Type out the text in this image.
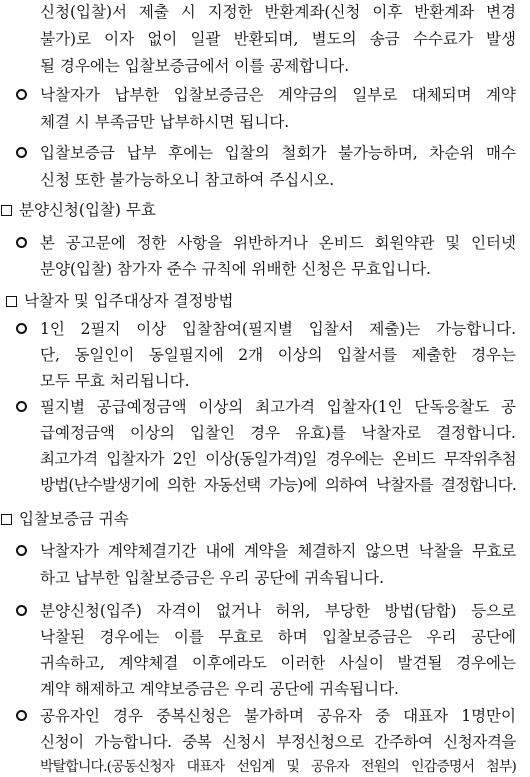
신청(입찰)서 제출 시 지정한 반환계좌(신청 이후 반환계좌 변경
불가)로 이자 없이 일괄 반환되며, 별도의 송금 수수료가 발생
될 경우에는 입찰보증금에서 이를 공제합니다.
낙찰자가 납부한 입찰보증금은 계약금의 일부로 대체되며 계약
체결 시 부족금만 납부하시면 됩니다.
입찰보증금 납부 후에는 입찰의 철회가 불가능하며, 차순위 매수
신청 또한 불가능하오니 참고하여 주십시오.
분양신청(입찰) 무효
본 공고문에 정한 사항을 위반하거나 온비드 회원약관 및 인터넷
분양(입찰) 참가자 준수 규칙에 위배한 신청은 무효입니다.
낙찰자 및 입주대상자 결정방법
1인 2필지 이상 입찰참여(필지별 입찰서 제출)는 가능합니다.
단, 동일인이 동일필지에 2개 이상의 입찰서를 제출한 경우는
모두 무효 처리됩니다.
필지별 공급예정금액 이상의 최고가격 입찰자(1인 단독응찰도 공
급예정금액 이상의 입찰인 경우 유효)를 낙찰자로 결정합니다.
최고가격 입찰자가 2인 이상(동일가격)일 경우에는 온비드 무작위추첨
방법(난수발생기에 의한 자동선택 가능)에 의하여 낙찰자를 결정합니다.
입찰보증금 귀속
낙찰자가 계약체결기간 내에 계약을 체결하지 않으면 낙찰을 무효로
하고 납부한 입찰보증금은 우리 공단에 귀속됩니다.
분양신청(입주) 자격이 없거나 허위, 부당한 방법(담합) 등으로
낙찰된 경우에는 이를 무효로 하며 입찰보증금은 우리 공단에
귀속하고, 계약체결 이후에라도 이러한 사실이 발견될 경우에는
계약 해제하고 계약보증금은 우리 공단에 귀속됩니다.
공유자인 경우 중복신청은 불가하며 공유자 중 대표자 1명만이
신청이 가능합니다. 중복 신청시 부정신청으로 간주하여 신청자격을
박탈합니다.(공동신청자 대표자 선임계 및 공유자 전원의 인감증명서 첨부)
